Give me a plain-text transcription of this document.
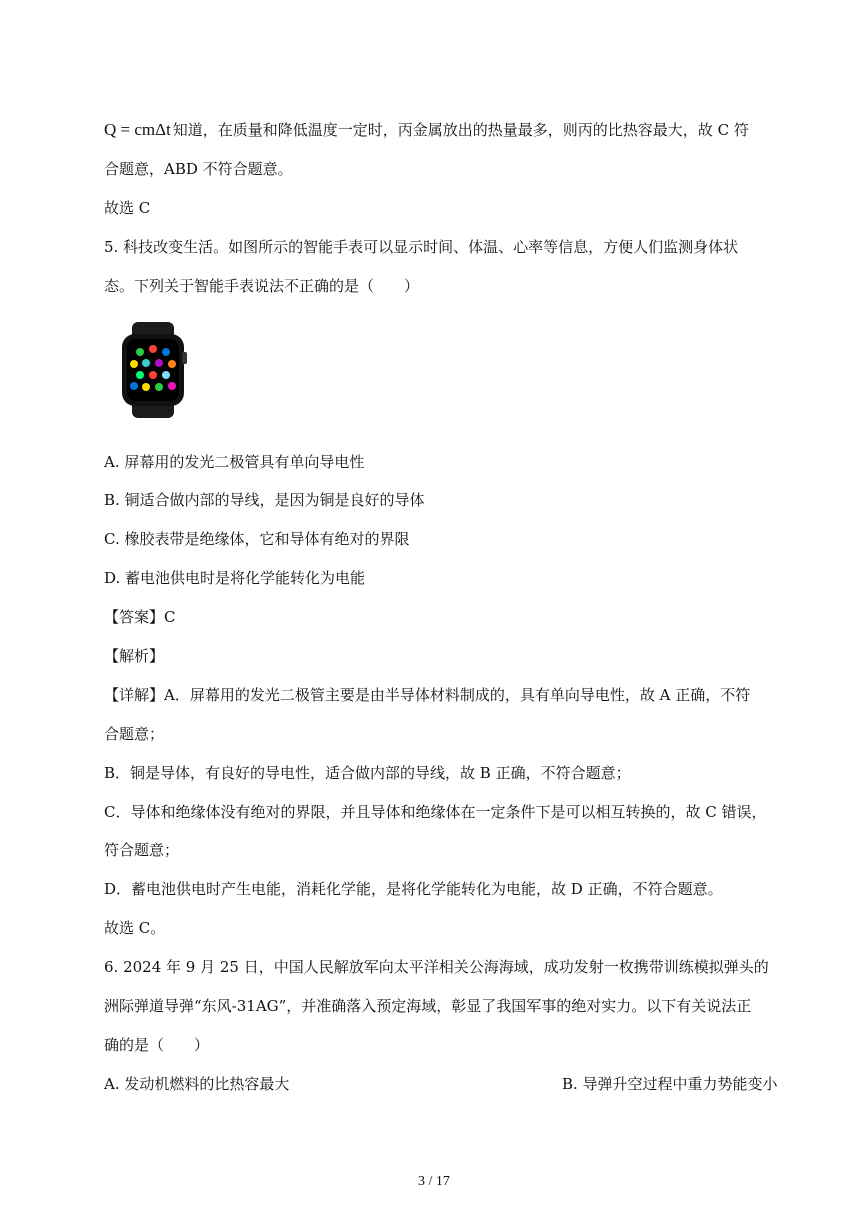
Q = cmΔt 知道，在质量和降低温度一定时，丙金属放出的热量最多，则丙的比热容最大，故 C 符
合题意，ABD 不符合题意。
故选 C
5. 科技改变生活。如图所示的智能手表可以显示时间、体温、心率等信息，方便人们监测身体状
态。下列关于智能手表说法不正确的是（　　）
A. 屏幕用的发光二极管具有单向导电性
B. 铜适合做内部的导线，是因为铜是良好的导体
C. 橡胶表带是绝缘体，它和导体有绝对的界限
D. 蓄电池供电时是将化学能转化为电能
【答案】C
【解析】
【详解】A．屏幕用的发光二极管主要是由半导体材料制成的，具有单向导电性，故 A 正确，不符
合题意；
B．铜是导体，有良好的导电性，适合做内部的导线，故 B 正确，不符合题意；
C．导体和绝缘体没有绝对的界限，并且导体和绝缘体在一定条件下是可以相互转换的，故 C 错误，
符合题意；
D．蓄电池供电时产生电能，消耗化学能，是将化学能转化为电能，故 D 正确，不符合题意。
故选 C。
6. 2024 年 9 月 25 日，中国人民解放军向太平洋相关公海海域，成功发射一枚携带训练模拟弹头的
洲际弹道导弹“东风-31AG”，并准确落入预定海域，彰显了我国军事的绝对实力。以下有关说法正
确的是（　　）
A. 发动机燃料的比热容最大	B. 导弹升空过程中重力势能变小
3 / 17
